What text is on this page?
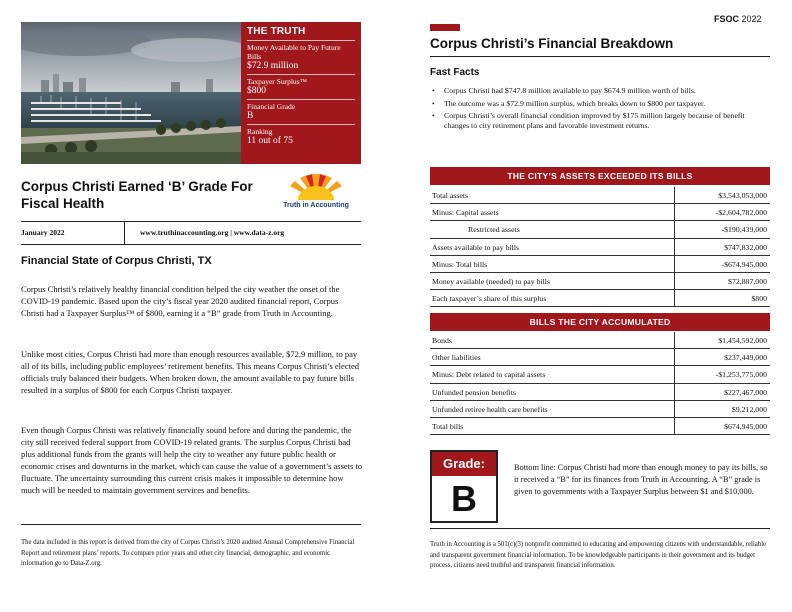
THE TRUTH
Money Available to Pay Future Bills
$72.9 million
Taxpayer Surplus™
$800
Financial Grade
B
Ranking
11 out of 75
Corpus Christi Earned ‘B’ Grade For Fiscal Health	Truth in Accounting
January 2022	www.truthinaccounting.org | www.data-z.org
Financial State of Corpus Christi, TX

Corpus Christi’s relatively healthy financial condition helped the city weather the onset of the COVID-19 pandemic. Based upon the city’s fiscal year 2020 audited financial report, Corpus Christi had a Taxpayer Surplus™ of $800, earning it a “B” grade from Truth in Accounting.

Unlike most cities, Corpus Christi had more than enough resources available, $72.9 million, to pay all of its bills, including public employees’ retirement benefits. This means Corpus Christi’s elected officials truly balanced their budgets. When broken down, the amount available to pay future bills resulted in a surplus of $800 for each Corpus Christi taxpayer.

Even though Corpus Christi was relatively financially sound before and during the pandemic, the city still received federal support from COVID-19 related grants. The surplus Corpus Christi had plus additional funds from the grants will help the city to weather any future public health or economic crises and downturns in the market, which can cause the value of a government’s assets to fluctuate. The uncertainty surrounding this current crisis makes it impossible to determine how much will be needed to maintain government services and benefits.

The data included in this report is derived from the city of Corpus Christi’s 2020 audited Annual Comprehensive Financial Report and retirement plans’ reports. To compare prior years and other city financial, demographic, and economic information go to Data-Z.org.

FSOC 2022
Corpus Christi’s Financial Breakdown
Fast Facts
• Corpus Christi had $747.8 million available to pay $674.9 million worth of bills.
• The outcome was a $72.9 million surplus, which breaks down to $800 per taxpayer.
• Corpus Christi’s overall financial condition improved by $175 million largely because of benefit changes to city retirement plans and favorable investment returns.
THE CITY’S ASSETS EXCEEDED ITS BILLS
Total assets	$3,543,053,000
Minus: Capital assets	-$2,604,782,000
Restricted assets	-$190,439,000
Assets available to pay bills	$747,832,000
Minus: Total bills	-$674,945,000
Money available (needed) to pay bills	$72,887,000
Each taxpayer’s share of this surplus	$800
BILLS THE CITY ACCUMULATED
Bonds	$1,454,592,000
Other liabilities	$237,449,000
Minus: Debt related to capital assets	-$1,253,775,000
Unfunded pension benefits	$227,467,000
Unfunded retiree health care benefits	$9,212,000
Total bills	$674,945,000
Grade:
B

Bottom line: Corpus Christi had more than enough money to pay its bills, so it received a “B” for its finances from Truth in Accounting. A “B” grade is given to governments with a Taxpayer Surplus between $1 and $10,000.

Truth in Accounting is a 501(c)(3) nonprofit committed to educating and empowering citizens with understandable, reliable and transparent government financial information. To be knowledgeable participants in their government and its budget process, citizens need truthful and transparent financial information.
